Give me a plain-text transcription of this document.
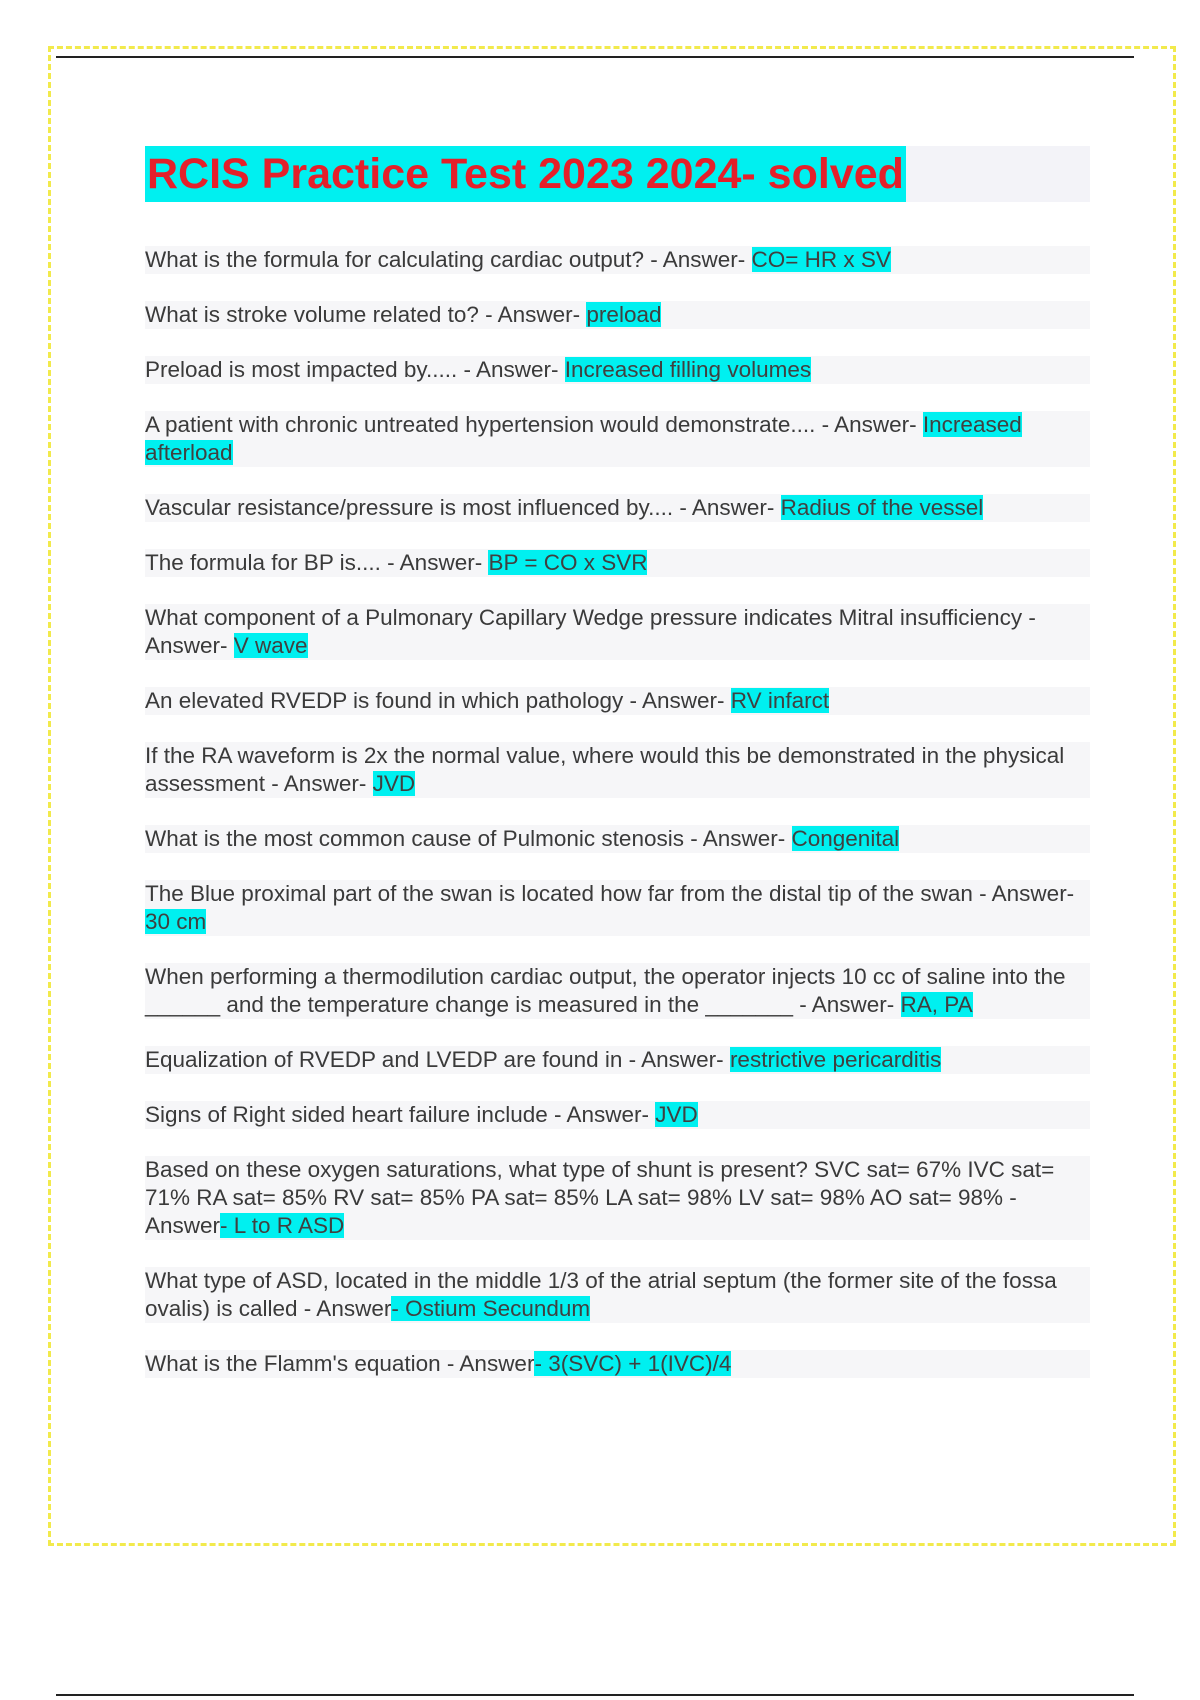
RCIS Practice Test 2023 2024- solved

What is the formula for calculating cardiac output? - Answer- CO= HR x SV

What is stroke volume related to? - Answer- preload

Preload is most impacted by..... - Answer- Increased filling volumes

A patient with chronic untreated hypertension would demonstrate.... - Answer- Increased afterload

Vascular resistance/pressure is most influenced by.... - Answer- Radius of the vessel

The formula for BP is.... - Answer- BP = CO x SVR

What component of a Pulmonary Capillary Wedge pressure indicates Mitral insufficiency - Answer- V wave

An elevated RVEDP is found in which pathology - Answer- RV infarct

If the RA waveform is 2x the normal value, where would this be demonstrated in the physical assessment - Answer- JVD

What is the most common cause of Pulmonic stenosis - Answer- Congenital

The Blue proximal part of the swan is located how far from the distal tip of the swan - Answer- 30 cm

When performing a thermodilution cardiac output, the operator injects 10 cc of saline into the ______ and the temperature change is measured in the _______ - Answer- RA, PA

Equalization of RVEDP and LVEDP are found in - Answer- restrictive pericarditis

Signs of Right sided heart failure include - Answer- JVD

Based on these oxygen saturations, what type of shunt is present? SVC sat= 67% IVC sat= 71% RA sat= 85% RV sat= 85% PA sat= 85% LA sat= 98% LV sat= 98% AO sat= 98% - Answer- L to R ASD

What type of ASD, located in the middle 1/3 of the atrial septum (the former site of the fossa ovalis) is called - Answer- Ostium Secundum

What is the Flamm's equation - Answer- 3(SVC) + 1(IVC)/4
